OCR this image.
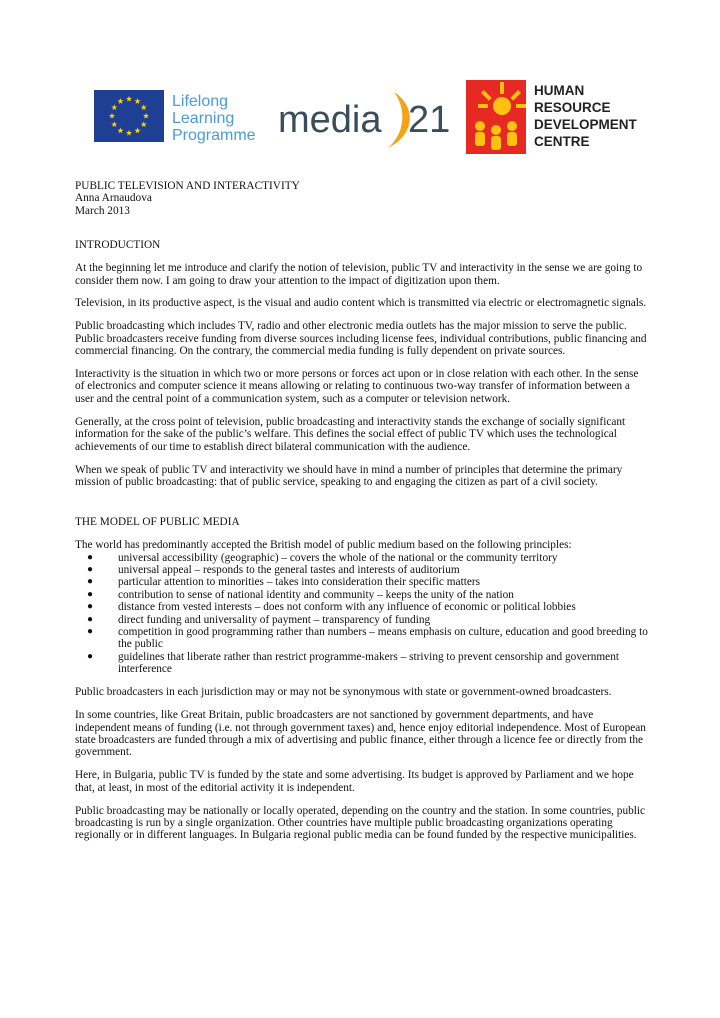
Lifelong
Learning
Programme media 21
HUMAN
RESOURCE
DEVELOPMENT
CENTRE
PUBLIC TELEVISION AND INTERACTIVITY
Anna Arnaudova
March 2013

INTRODUCTION

At the beginning let me introduce and clarify the notion of television, public TV and interactivity in the sense we are going to consider them now. I am going to draw your attention to the impact of digitization upon them.

Television, in its productive aspect, is the visual and audio content which is transmitted via electric or electromagnetic signals.

Public broadcasting which includes TV, radio and other electronic media outlets has the major mission to serve the public. Public broadcasters receive funding from diverse sources including license fees, individual contributions, public financing and commercial financing. On the contrary, the commercial media funding is fully dependent on private sources.

Interactivity is the situation in which two or more persons or forces act upon or in close relation with each other. In the sense of electronics and computer science it means allowing or relating to continuous two-way transfer of information between a user and the central point of a communication system, such as a computer or television network.

Generally, at the cross point of television, public broadcasting and interactivity stands the exchange of socially significant information for the sake of the public’s welfare. This defines the social effect of public TV which uses the technological achievements of our time to establish direct bilateral communication with the audience.

When we speak of public TV and interactivity we should have in mind a number of principles that determine the primary mission of public broadcasting: that of public service, speaking to and engaging the citizen as part of a civil society.

THE MODEL OF PUBLIC MEDIA

The world has predominantly accepted the British model of public medium based on the following principles:

● universal accessibility (geographic) – covers the whole of the national or the community territory
● universal appeal – responds to the general tastes and interests of auditorium
● particular attention to minorities – takes into consideration their specific matters
● contribution to sense of national identity and community – keeps the unity of the nation
● distance from vested interests – does not conform with any influence of economic or political lobbies
● direct funding and universality of payment – transparency of funding
● competition in good programming rather than numbers – means emphasis on culture, education and good breeding to the public
● guidelines that liberate rather than restrict programme-makers – striving to prevent censorship and government interference

Public broadcasters in each jurisdiction may or may not be synonymous with state or government-owned broadcasters.

In some countries, like Great Britain, public broadcasters are not sanctioned by government departments, and have independent means of funding (i.e. not through government taxes) and, hence enjoy editorial independence. Most of European state broadcasters are funded through a mix of advertising and public finance, either through a licence fee or directly from the government.

Here, in Bulgaria, public TV is funded by the state and some advertising. Its budget is approved by Parliament and we hope that, at least, in most of the editorial activity it is independent.

Public broadcasting may be nationally or locally operated, depending on the country and the station. In some countries, public broadcasting is run by a single organization. Other countries have multiple public broadcasting organizations operating regionally or in different languages. In Bulgaria regional public media can be found funded by the respective municipalities.
